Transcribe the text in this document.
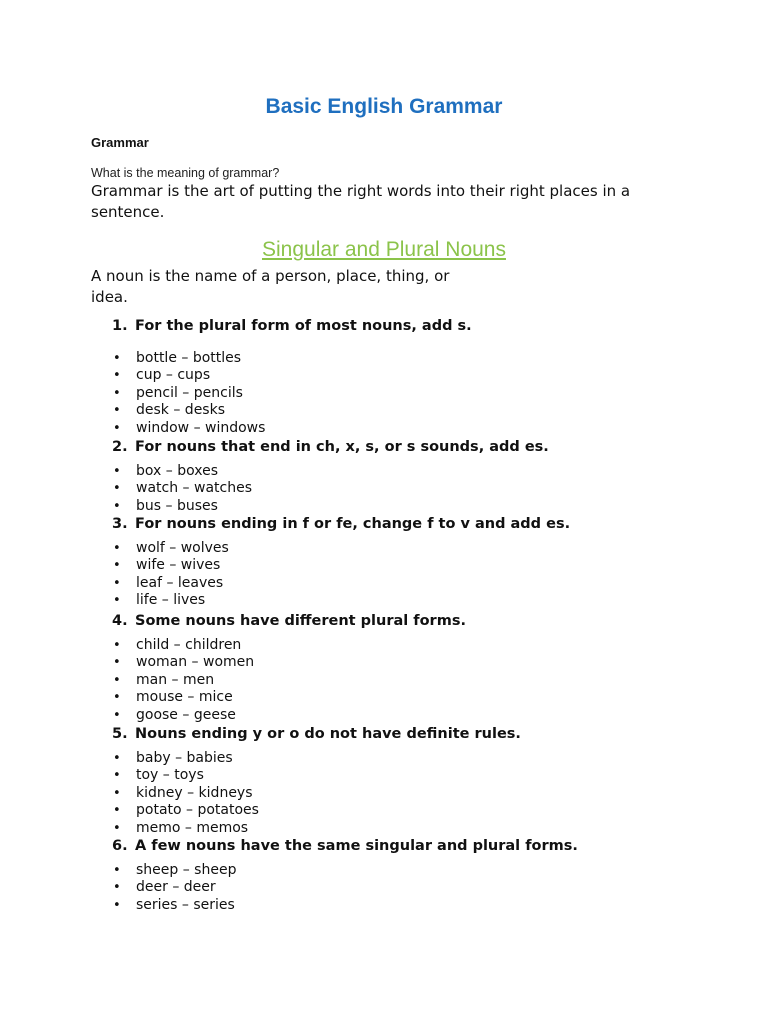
Basic English Grammar
Grammar
What is the meaning of grammar?
Grammar is the art of putting the right words into their right places in a sentence.
Singular and Plural Nouns
A noun is the name of a person, place, thing, or idea.
1. For the plural form of most nouns, add s.
• bottle – bottles
• cup – cups
• pencil – pencils
• desk – desks
• window – windows
2. For nouns that end in ch, x, s, or s sounds, add es.
• box – boxes
• watch – watches
• bus – buses
3. For nouns ending in f or fe, change f to v and add es.
• wolf – wolves
• wife – wives
• leaf – leaves
• life – lives
4. Some nouns have different plural forms.
• child – children
• woman – women
• man – men
• mouse – mice
• goose – geese
5. Nouns ending y or o do not have definite rules.
• baby – babies
• toy – toys
• kidney – kidneys
• potato – potatoes
• memo – memos
6. A few nouns have the same singular and plural forms.
• sheep – sheep
• deer – deer
• series – series
